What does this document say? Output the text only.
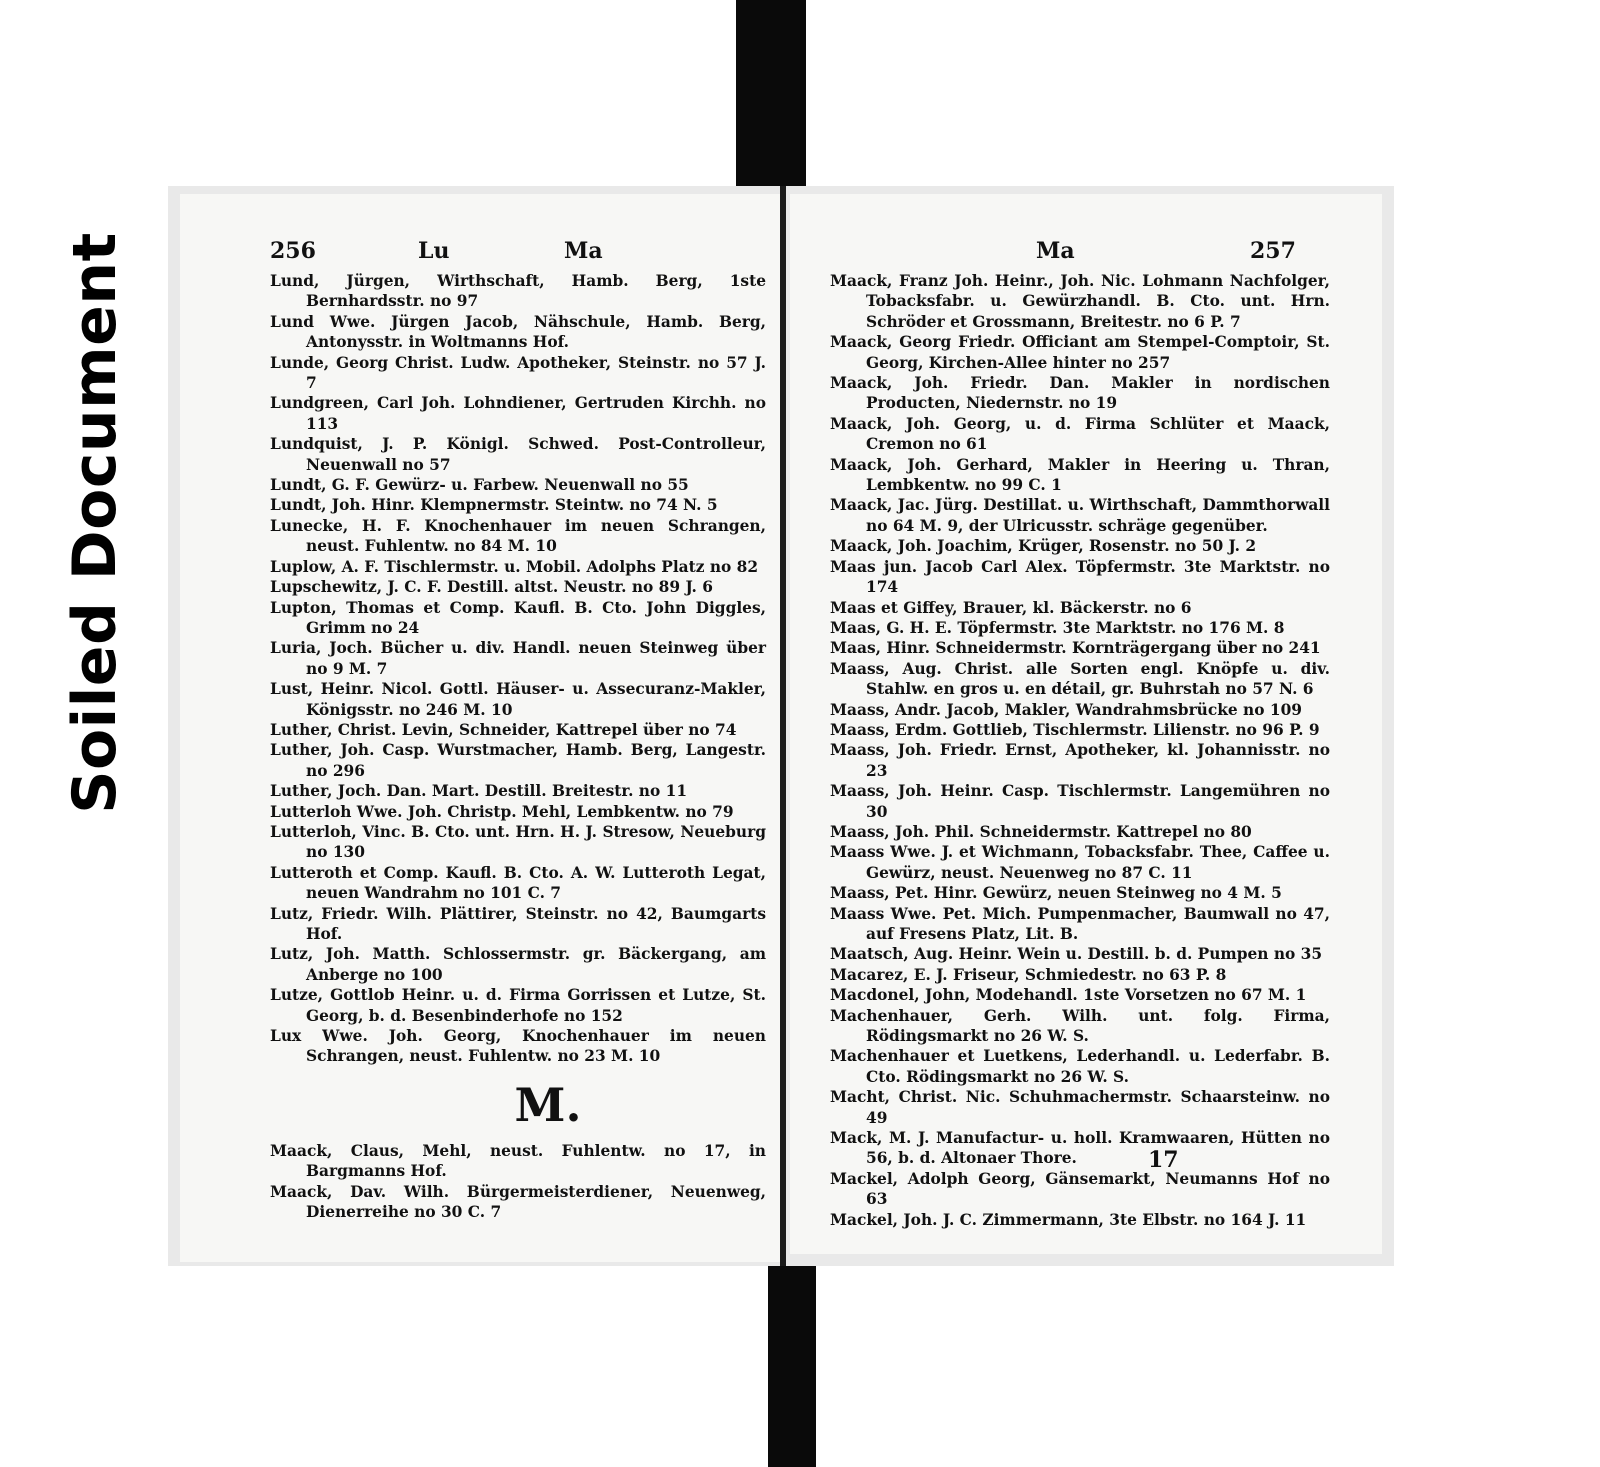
Soiled Document	256	Lu	Ma

Lund, Jürgen, Wirthschaft, Hamb. Berg, 1ste Bernhardsstr. no 97

Lund Wwe. Jürgen Jacob, Nähschule, Hamb. Berg, Antonysstr. in Woltmanns Hof.

Lunde, Georg Christ. Ludw. Apotheker, Steinstr. no 57 J. 7

Lundgreen, Carl Joh. Lohndiener, Gertruden Kirchh. no 113

Lundquist, J. P. Königl. Schwed. Post-Controlleur, Neuenwall no 57

Lundt, G. F. Gewürz- u. Farbew. Neuenwall no 55

Lundt, Joh. Hinr. Klempnermstr. Steintw. no 74 N. 5

Lunecke, H. F. Knochenhauer im neuen Schrangen, neust. Fuhlentw. no 84 M. 10

Luplow, A. F. Tischlermstr. u. Mobil. Adolphs Platz no 82

Lupschewitz, J. C. F. Destill. altst. Neustr. no 89 J. 6

Lupton, Thomas et Comp. Kaufl. B. Cto. John Diggles, Grimm no 24

Luria, Joch. Bücher u. div. Handl. neuen Steinweg über no 9 M. 7

Lust, Heinr. Nicol. Gottl. Häuser- u. Assecuranz-Makler, Königsstr. no 246 M. 10

Luther, Christ. Levin, Schneider, Kattrepel über no 74

Luther, Joh. Casp. Wurstmacher, Hamb. Berg, Langestr. no 296

Luther, Joch. Dan. Mart. Destill. Breitestr. no 11

Lutterloh Wwe. Joh. Christp. Mehl, Lembkentw. no 79

Lutterloh, Vinc. B. Cto. unt. Hrn. H. J. Stresow, Neueburg no 130

Lutteroth et Comp. Kaufl. B. Cto. A. W. Lutteroth Legat, neuen Wandrahm no 101 C. 7

Lutz, Friedr. Wilh. Plättirer, Steinstr. no 42, Baumgarts Hof.

Lutz, Joh. Matth. Schlossermstr. gr. Bäckergang, am Anberge no 100

Lutze, Gottlob Heinr. u. d. Firma Gorrissen et Lutze, St. Georg, b. d. Besenbinderhofe no 152

Lux Wwe. Joh. Georg, Knochenhauer im neuen Schrangen, neust. Fuhlentw. no 23 M. 10

M.

Maack, Claus, Mehl, neust. Fuhlentw. no 17, in Bargmanns Hof.

Maack, Dav. Wilh. Bürgermeisterdiener, Neuenweg, Dienerreihe no 30 C. 7

Ma	257

Maack, Franz Joh. Heinr., Joh. Nic. Lohmann Nachfolger, Tobacksfabr. u. Gewürzhandl. B. Cto. unt. Hrn. Schröder et Grossmann, Breitestr. no 6 P. 7

Maack, Georg Friedr. Officiant am Stempel-Comptoir, St. Georg, Kirchen-Allee hinter no 257

Maack, Joh. Friedr. Dan. Makler in nordischen Producten, Niedernstr. no 19

Maack, Joh. Georg, u. d. Firma Schlüter et Maack, Cremon no 61

Maack, Joh. Gerhard, Makler in Heering u. Thran, Lembkentw. no 99 C. 1

Maack, Jac. Jürg. Destillat. u. Wirthschaft, Dammthorwall no 64 M. 9, der Ulricusstr. schräge gegenüber.

Maack, Joh. Joachim, Krüger, Rosenstr. no 50 J. 2

Maas jun. Jacob Carl Alex. Töpfermstr. 3te Marktstr. no 174

Maas et Giffey, Brauer, kl. Bäckerstr. no 6

Maas, G. H. E. Töpfermstr. 3te Marktstr. no 176 M. 8

Maas, Hinr. Schneidermstr. Kornträgergang über no 241

Maass, Aug. Christ. alle Sorten engl. Knöpfe u. div. Stahlw. en gros u. en détail, gr. Buhrstah no 57 N. 6

Maass, Andr. Jacob, Makler, Wandrahmsbrücke no 109

Maass, Erdm. Gottlieb, Tischlermstr. Lilienstr. no 96 P. 9

Maass, Joh. Friedr. Ernst, Apotheker, kl. Johannisstr. no 23

Maass, Joh. Heinr. Casp. Tischlermstr. Langemühren no 30

Maass, Joh. Phil. Schneidermstr. Kattrepel no 80

Maass Wwe. J. et Wichmann, Tobacksfabr. Thee, Caffee u. Gewürz, neust. Neuenweg no 87 C. 11

Maass, Pet. Hinr. Gewürz, neuen Steinweg no 4 M. 5

Maass Wwe. Pet. Mich. Pumpenmacher, Baumwall no 47, auf Fresens Platz, Lit. B.

Maatsch, Aug. Heinr. Wein u. Destill. b. d. Pumpen no 35

Macarez, E. J. Friseur, Schmiedestr. no 63 P. 8

Macdonel, John, Modehandl. 1ste Vorsetzen no 67 M. 1

Machenhauer, Gerh. Wilh. unt. folg. Firma, Rödingsmarkt no 26 W. S.

Machenhauer et Luetkens, Lederhandl. u. Lederfabr. B. Cto. Rödingsmarkt no 26 W. S.

Macht, Christ. Nic. Schuhmachermstr. Schaarsteinw. no 49

Mack, M. J. Manufactur- u. holl. Kramwaaren, Hütten no 56, b. d. Altonaer Thore.

Mackel, Adolph Georg, Gänsemarkt, Neumanns Hof no 63

Mackel, Joh. J. C. Zimmermann, 3te Elbstr. no 164 J. 11

17
